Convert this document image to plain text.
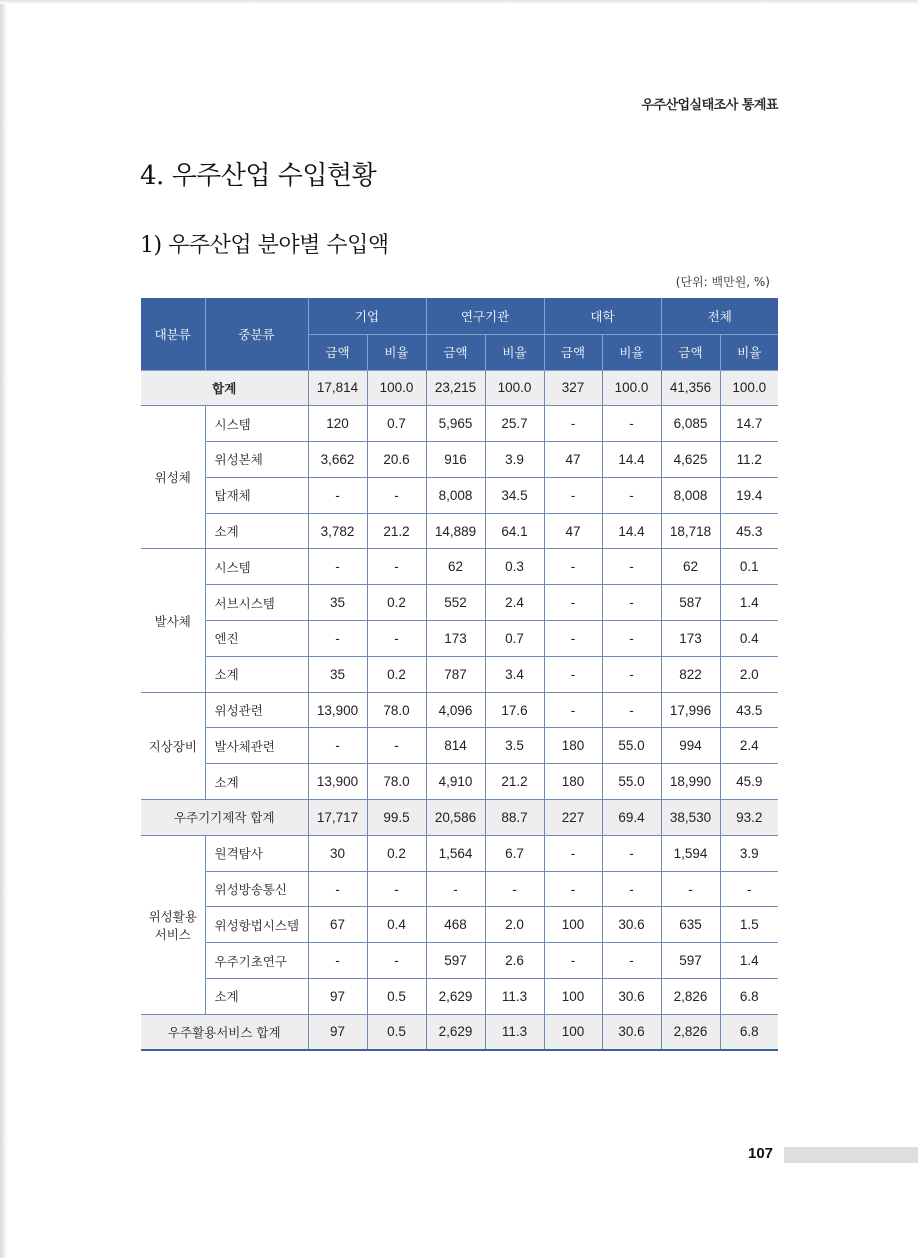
우주산업실태조사 통계표
4. 우주산업 수입현황
1) 우주산업 분야별 수입액
(단위: 백만원, %)
대분류	중분류	기업		연구기관		대학		전체	
		금액	비율	금액	비율	금액	비율	금액	비율
합계		17,814	100.0	23,215	100.0	327	100.0	41,356	100.0
위성체	시스템	120	0.7	5,965	25.7	-	-	6,085	14.7
	위성본체	3,662	20.6	916	3.9	47	14.4	4,625	11.2
	탑재체	-	-	8,008	34.5	-	-	8,008	19.4
	소계	3,782	21.2	14,889	64.1	47	14.4	18,718	45.3
발사체	시스템	-	-	62	0.3	-	-	62	0.1
	서브시스템	35	0.2	552	2.4	-	-	587	1.4
	엔진	-	-	173	0.7	-	-	173	0.4
	소계	35	0.2	787	3.4	-	-	822	2.0
지상장비	위성관련	13,900	78.0	4,096	17.6	-	-	17,996	43.5
	발사체관련	-	-	814	3.5	180	55.0	994	2.4
	소계	13,900	78.0	4,910	21.2	180	55.0	18,990	45.9
우주기기제작 합계		17,717	99.5	20,586	88.7	227	69.4	38,530	93.2
위성활용
서비스	원격탐사	30	0.2	1,564	6.7	-	-	1,594	3.9
	위성방송통신	-	-	-	-	-	-	-	-
	위성항법시스템	67	0.4	468	2.0	100	30.6	635	1.5
	우주기초연구	-	-	597	2.6	-	-	597	1.4
	소계	97	0.5	2,629	11.3	100	30.6	2,826	6.8
우주활용서비스 합계		97	0.5	2,629	11.3	100	30.6	2,826	6.8
107
